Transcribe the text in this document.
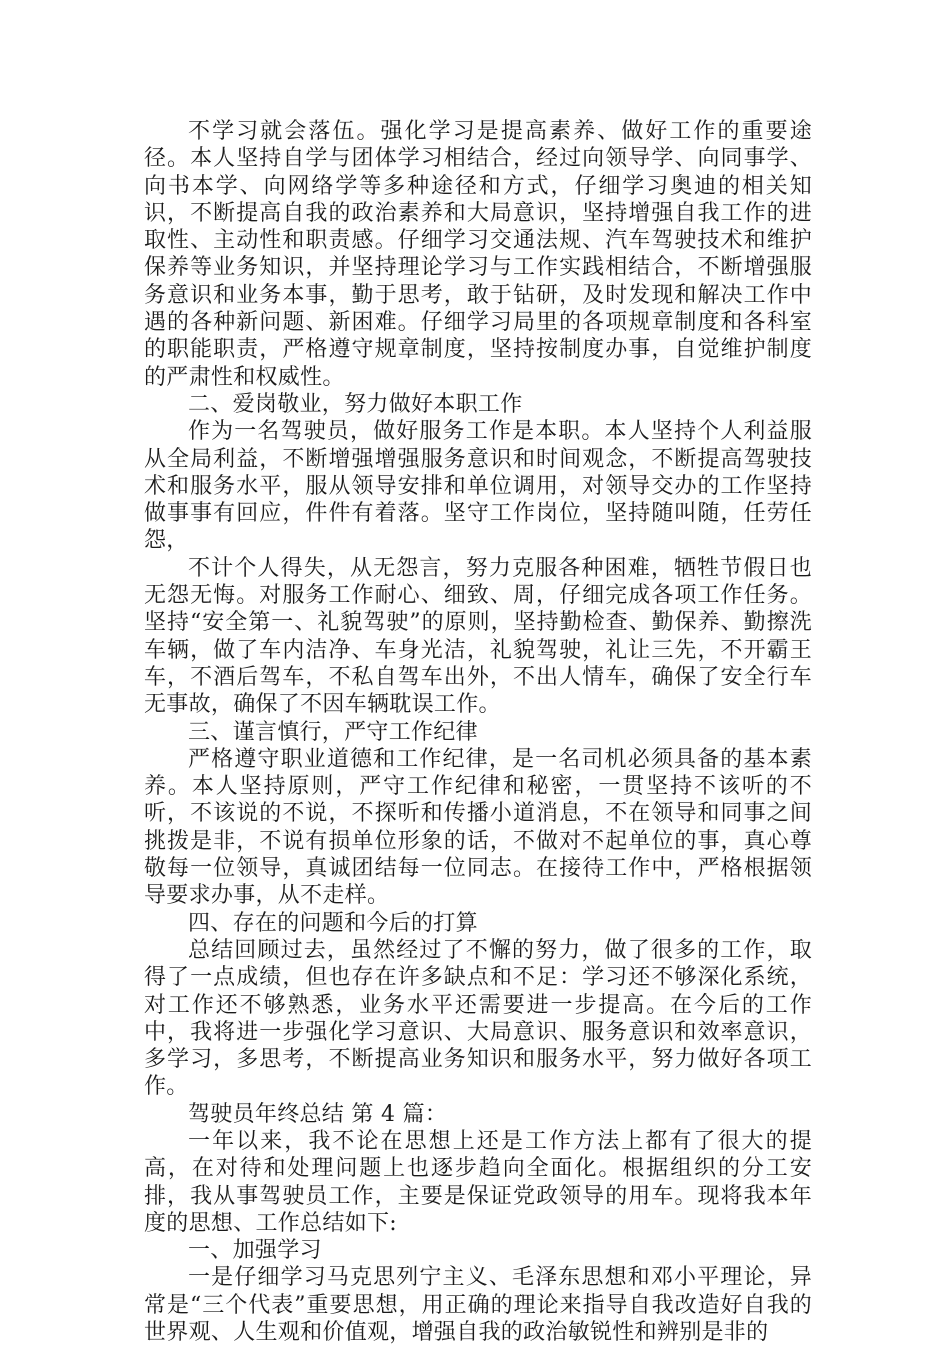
不学习就会落伍。强化学习是提高素养、做好工作的重要途径。本人坚持自学与团体学习相结合，经过向领导学、向同事学、向书本学、向网络学等多种途径和方式，仔细学习奥迪的相关知识，不断提高自我的政治素养和大局意识，坚持增强自我工作的进取性、主动性和职责感。仔细学习交通法规、汽车驾驶技术和维护保养等业务知识，并坚持理论学习与工作实践相结合，不断增强服务意识和业务本事，勤于思考，敢于钻研，及时发现和解决工作中遇的各种新问题、新困难。仔细学习局里的各项规章制度和各科室的职能职责，严格遵守规章制度，坚持按制度办事，自觉维护制度的严肃性和权威性。

二、爱岗敬业，努力做好本职工作

作为一名驾驶员，做好服务工作是本职。本人坚持个人利益服从全局利益，不断增强增强服务意识和时间观念，不断提高驾驶技术和服务水平，服从领导安排和单位调用，对领导交办的工作坚持做事事有回应，件件有着落。坚守工作岗位，坚持随叫随，任劳任怨，

不计个人得失，从无怨言，努力克服各种困难，牺牲节假日也无怨无悔。对服务工作耐心、细致、周，仔细完成各项工作任务。坚持“安全第一、礼貌驾驶”的原则，坚持勤检查、勤保养、勤擦洗车辆，做了车内洁净、车身光洁，礼貌驾驶，礼让三先，不开霸王车，不酒后驾车，不私自驾车出外，不出人情车，确保了安全行车无事故，确保了不因车辆耽误工作。

三、谨言慎行，严守工作纪律

严格遵守职业道德和工作纪律，是一名司机必须具备的基本素养。本人坚持原则，严守工作纪律和秘密，一贯坚持不该听的不听，不该说的不说，不探听和传播小道消息，不在领导和同事之间挑拨是非，不说有损单位形象的话，不做对不起单位的事，真心尊敬每一位领导，真诚团结每一位同志。在接待工作中，严格根据领导要求办事，从不走样。

四、存在的问题和今后的打算

总结回顾过去，虽然经过了不懈的努力，做了很多的工作，取得了一点成绩，但也存在许多缺点和不足：学习还不够深化系统，对工作还不够熟悉，业务水平还需要进一步提高。在今后的工作中，我将进一步强化学习意识、大局意识、服务意识和效率意识，多学习，多思考，不断提高业务知识和服务水平，努力做好各项工作。

驾驶员年终总结 第 4 篇：

一年以来，我不论在思想上还是工作方法上都有了很大的提高，在对待和处理问题上也逐步趋向全面化。根据组织的分工安排，我从事驾驶员工作，主要是保证党政领导的用车。现将我本年度的思想、工作总结如下:

一、加强学习

一是仔细学习马克思列宁主义、毛泽东思想和邓小平理论，异常是“三个代表”重要思想，用正确的理论来指导自我改造好自我的世界观、人生观和价值观，增强自我的政治敏锐性和辨别是非的
